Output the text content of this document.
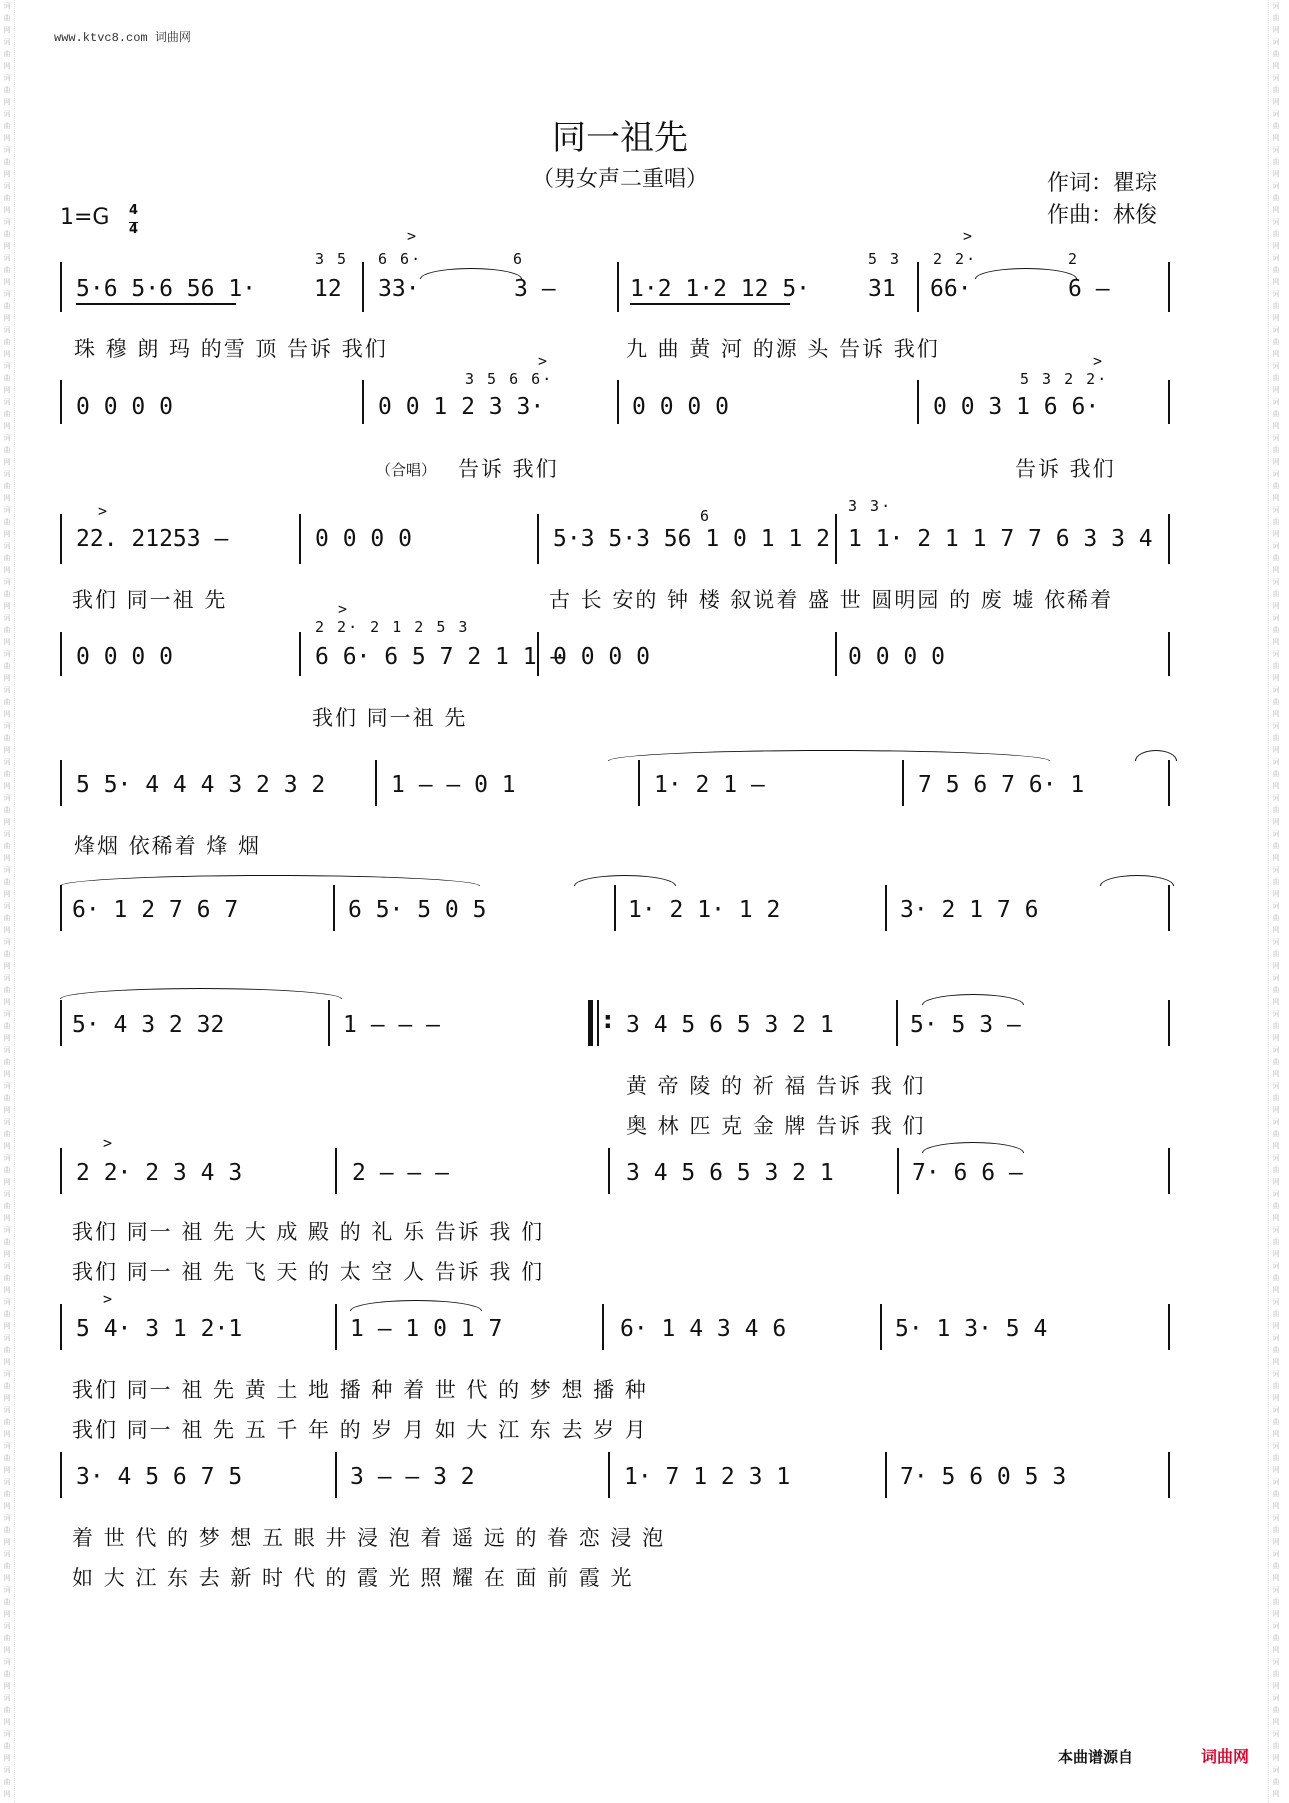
词
曲
网
词
曲
网
词
曲
网
词
曲
网
词
曲
网
词
曲
网
词
曲
网
词
曲
网
词
曲
网
词
曲
网
词
曲
网
词
曲
网
词
曲
网
词
曲
网
词
曲
网
词
曲
网
词
曲
网
词
曲
网
词
曲
网
词
曲
网
词
曲
网
词
曲
网
词
曲
网
词
曲
网
词
曲
网
词
曲
网
词
曲
网
词
曲
网
词
曲
网
词
曲
网
词
曲
网
词
曲
网
词
曲
网
词
曲
网
词
曲
网
词
曲
网
词
曲
网
词
曲
网
词
曲
网
词
曲
网
词
曲
网
词
曲
网
词
曲
网
词
曲
网
词
曲
网
词
曲
网
词
曲
网
词
曲
网
词
曲
网
词
曲
网
词
曲
网
词
曲
网
词
曲
网
词
曲
网
词
曲
网
词
曲
网
词
曲
网
词
曲
网
词
曲
网
词
曲
网
词
曲
网
词
曲
网
词
曲
网
词
曲
网
词
曲
网
词
曲
网
词
曲
网
词
曲
网
词
曲
网
词
曲
网
词
曲
网
词
曲
网
词
曲
网
词
曲
网
词
曲
网
词
曲
网
词
曲
网
词
曲
网
词
曲
网
词
曲
网
词
曲
网
词
曲
网
词
曲
网
词
曲
网
词
曲
网
词
曲
网
词
曲
网
词
曲
网
词
曲
网
词
曲
网
词
曲
网
词
曲
网
词
曲
网
词
曲
网
词
曲
网
词
曲
网
词
曲
网
词
曲
网
词
曲
网
词
曲
网
www.ktvc8.com 词曲网
同一祖先
（男女声二重唱）	作词：瞿琮
作曲：林俊
1=G 4
4
3 5 6 6·	6	5 3 2 2·	2
>	>
5·6 5·6 56 1·	12 33·	3 –	1·2 1·2 12 5·	31 66·	6 –
珠 穆 朗 玛 的雪 顶 告诉 我们	九 曲 黄 河 的源 头 告诉 我们
3 5 6 6·	5 3 2 2·
>	>
0 0 0 0	0 0 1 2 3 3·	0 0 0 0	0 0 3 1 6 6·
（合唱） 告诉 我们	告诉 我们
>	6
3 3·
22. 21253 –	0 0 0 0	5·3 5·3 56 1 0 1 1 2 1 1· 2 1 1 7 7 6 3 3 4
我们 同一祖 先	古 长 安的 钟 楼 叙说着 盛 世 圆明园 的 废 墟 依稀着
>
2 2· 2 1 2 5 3
0 0 0 0	6 6· 6 5 7 2 1 1 –
0 0 0 0	0 0 0 0
我们 同一祖 先
5 5· 4 4 4 3 2 3 2	1 – – 0 1	1· 2 1 –	7 5 6 7 6· 1
烽烟 依稀着 烽 烟
6· 1 2 7 6 7	6 5· 5 0 5	1· 2 1· 1 2	3· 2 1 7 6
:
5· 4 3 2 32	1 – – –	3 4 5 6 5 3 2 1	5· 5 3 –
黄 帝 陵 的 祈 福 告诉 我 们
奥 林 匹 克 金 牌 告诉 我 们
>
2 2· 2 3 4 3	2 – – –	3 4 5 6 5 3 2 1	7· 6 6 –
我们 同一 祖 先 大 成 殿 的 礼 乐 告诉 我 们
我们 同一 祖 先 飞 天 的 太 空 人 告诉 我 们
>
5 4· 3 1 2·1	1 – 1 0 1 7	6· 1 4 3 4 6	5· 1 3· 5 4
我们 同一 祖 先 黄 土 地 播 种 着 世 代 的 梦 想 播 种
我们 同一 祖 先 五 千 年 的 岁 月 如 大 江 东 去 岁 月
3· 4 5 6 7 5	3 – – 3 2	1· 7 1 2 3 1	7· 5 6 0 5 3
着 世 代 的 梦 想 五 眼 井 浸 泡 着 遥 远 的 眷 恋 浸 泡
如 大 江 东 去 新 时 代 的 霞 光 照 耀 在 面 前 霞 光
本曲谱源自	词曲网
